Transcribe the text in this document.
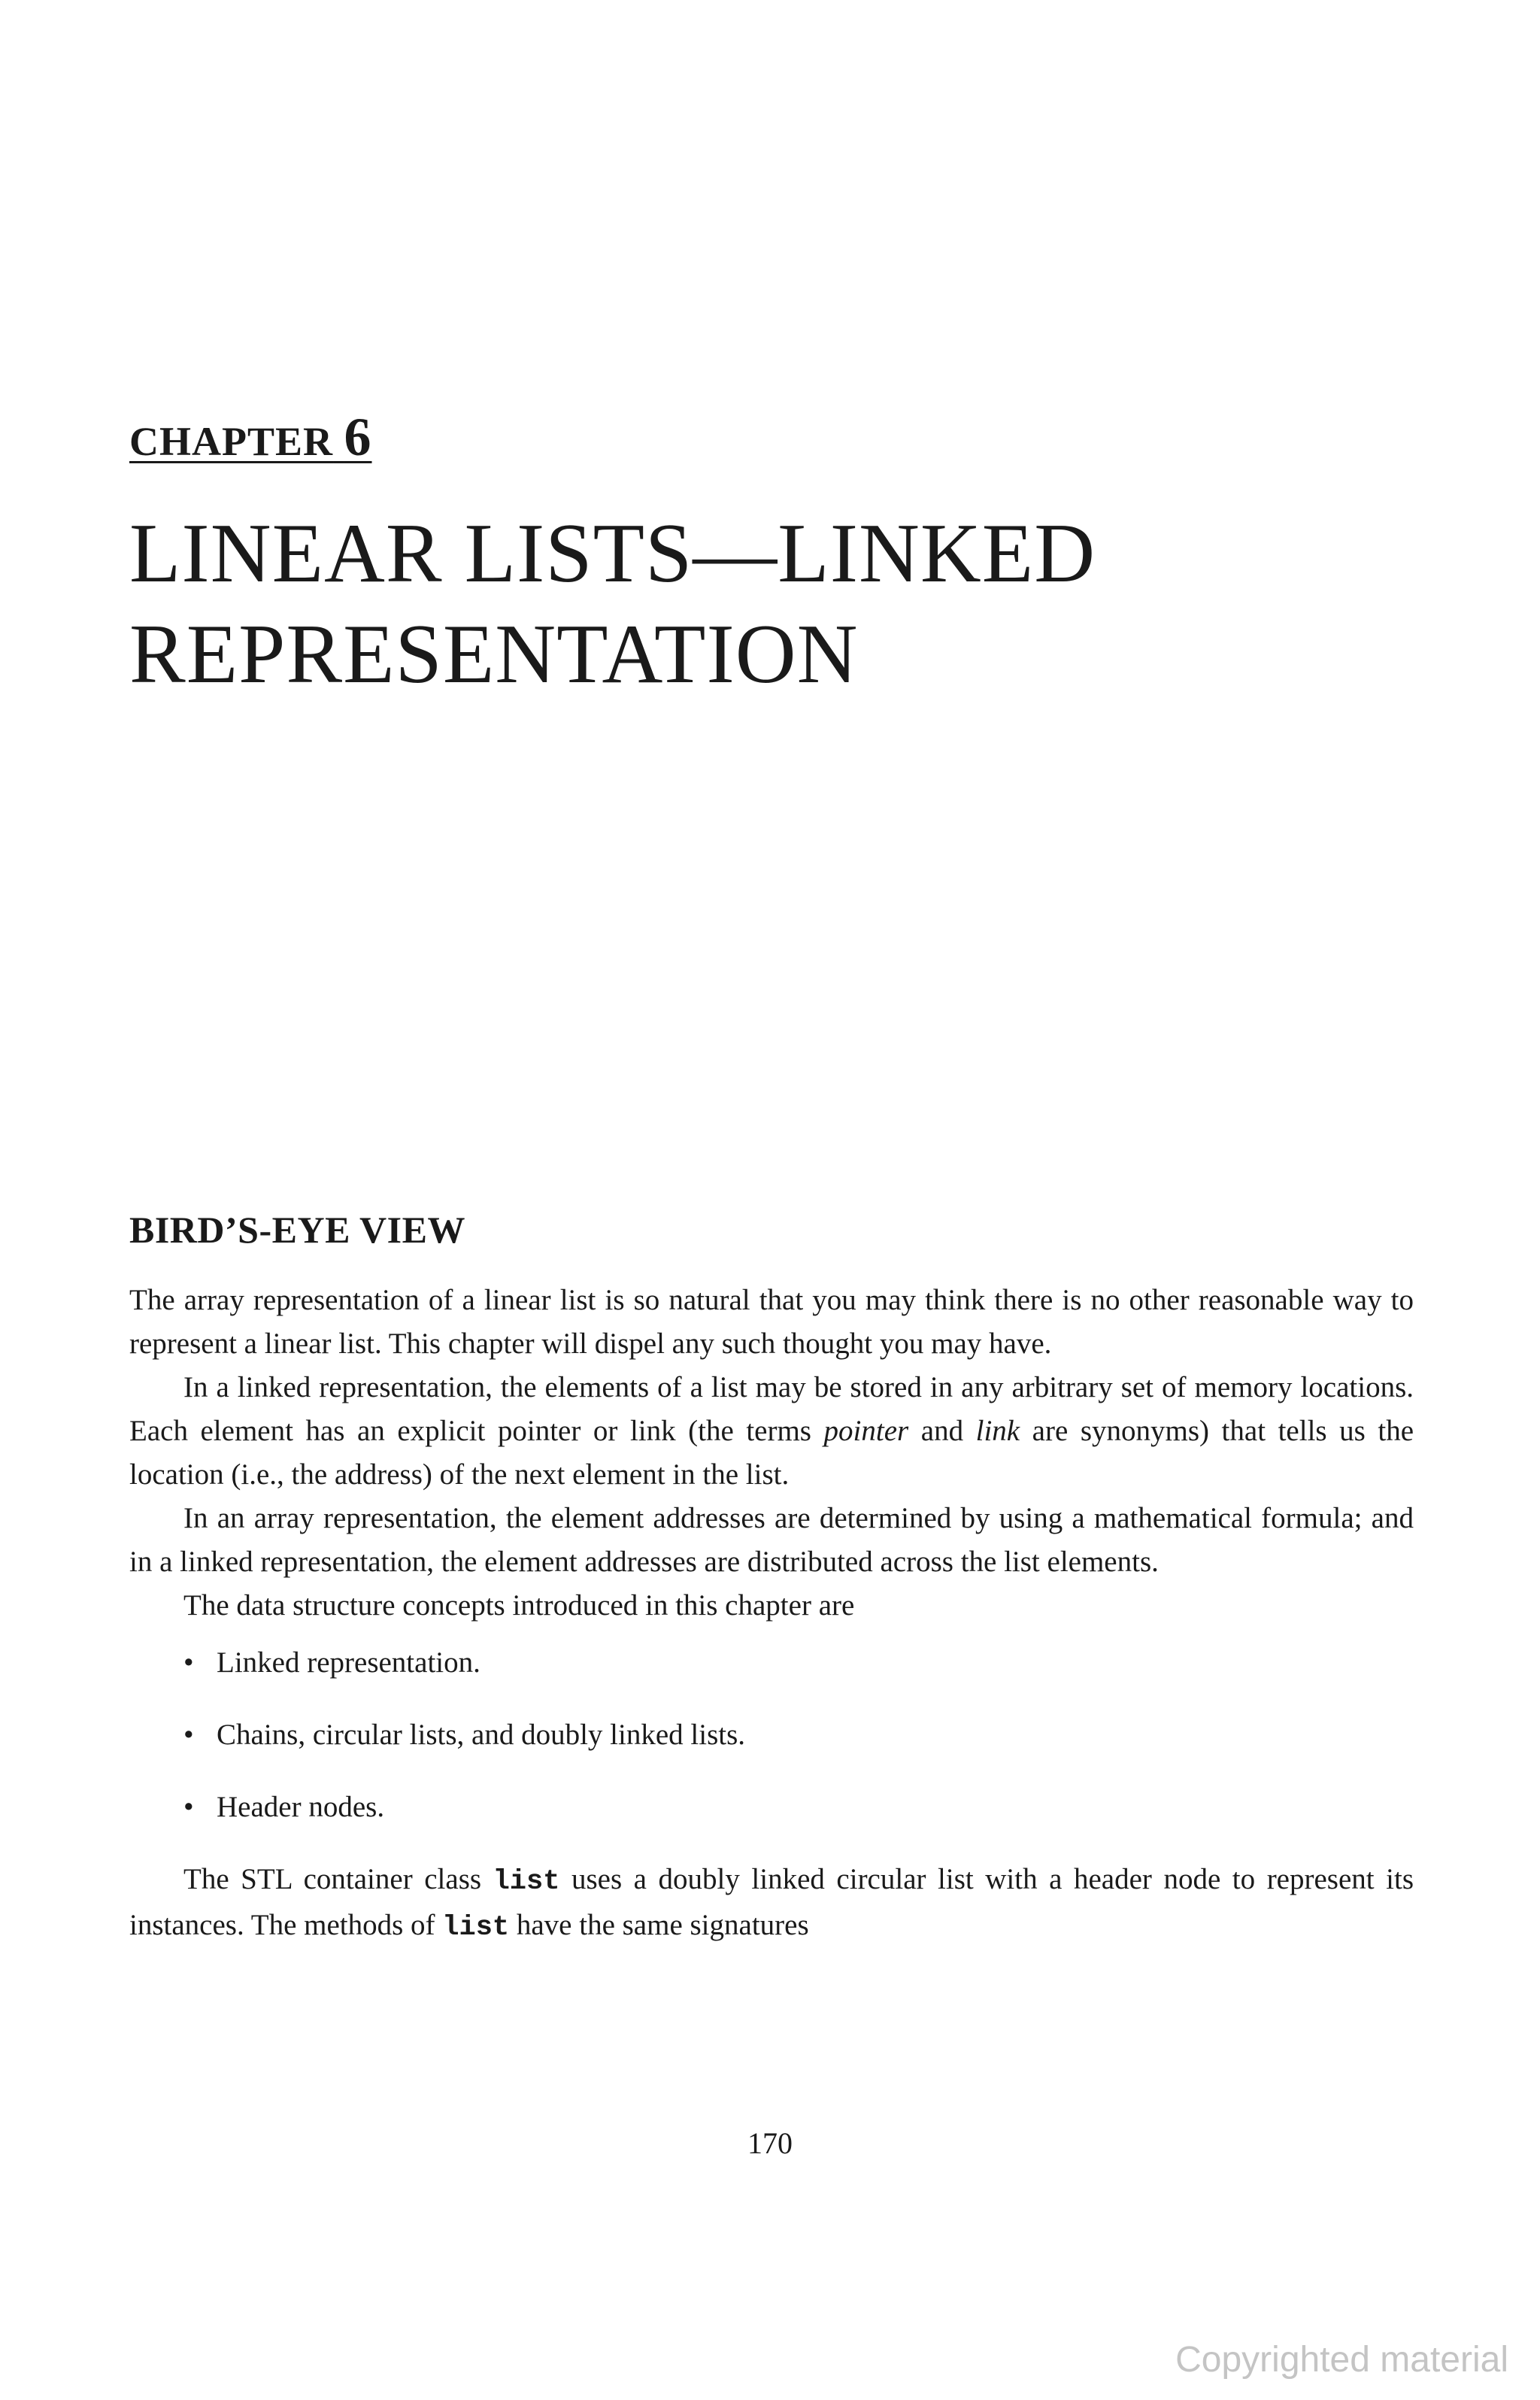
CHAPTER 6
LINEAR LISTS—LINKED
REPRESENTATION
BIRD’S-EYE VIEW

The array representation of a linear list is so natural that you may think there is no other reasonable way to represent a linear list. This chapter will dispel any such thought you may have.

In a linked representation, the elements of a list may be stored in any arbitrary set of memory locations. Each element has an explicit pointer or link (the terms pointer and link are synonyms) that tells us the location (i.e., the address) of the next element in the list.

In an array representation, the element addresses are determined by using a mathematical formula; and in a linked representation, the element addresses are distributed across the list elements.

The data structure concepts introduced in this chapter are

• Linked representation.
• Chains, circular lists, and doubly linked lists.
• Header nodes.

The STL container class list uses a doubly linked circular list with a header node to represent its instances. The methods of list have the same signatures

170
Copyrighted material
